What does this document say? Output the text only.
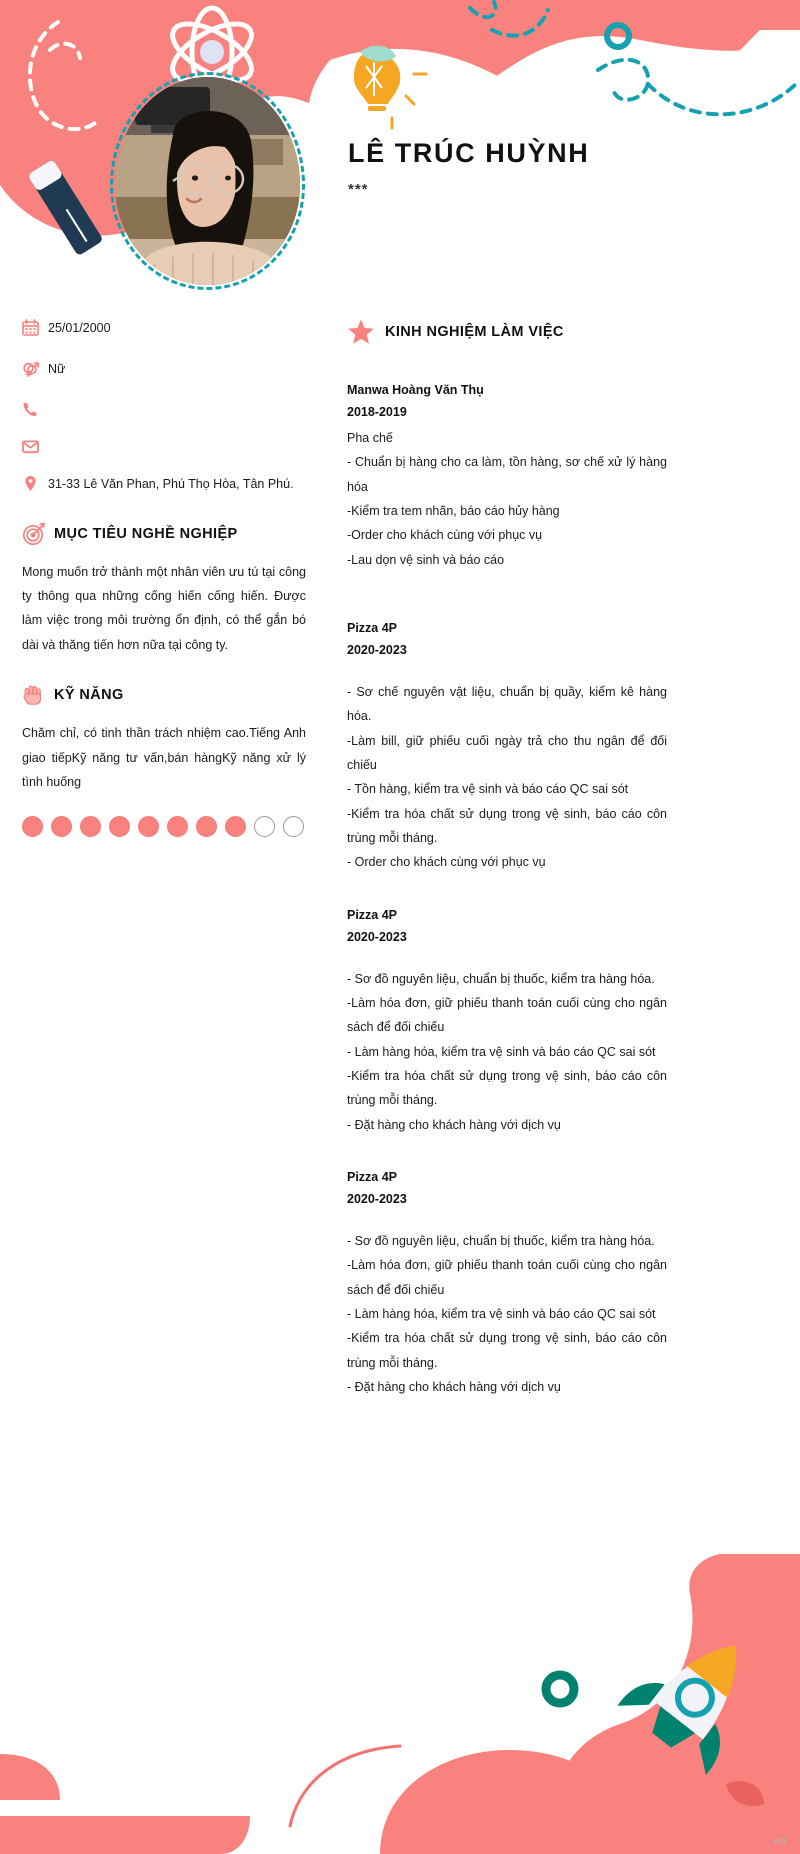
LÊ TRÚC HUỲNH
***
25/01/2000
Nữ
31-33 Lê Văn Phan, Phú Thọ Hòa, Tân Phú.
MỤC TIÊU NGHỀ NGHIỆP
Mong muốn trở thành một nhân viên ưu tú tại công ty thông qua những cống hiến cống hiến. Được làm việc trong môi trường ổn định, có thể gắn bó dài và thăng tiến hơn nữa tại công ty.
KỸ NĂNG
Chăm chỉ, có tinh thần trách nhiệm cao.Tiếng Anh giao tiếpKỹ năng tư vấn,bán hàngKỹ năng xử lý tình huống
KINH NGHIỆM LÀM VIỆC
Manwa Hoàng Văn Thụ
2018-2019
Pha chế
- Chuẩn bị hàng cho ca làm, tồn hàng, sơ chế xử lý hàng hóa
-Kiểm tra tem nhãn, báo cáo hủy hàng
-Order cho khách cùng với phục vụ
-Lau dọn vệ sinh và báo cáo
Pizza 4P
2020-2023
- Sơ chế nguyên vật liệu, chuẩn bị quầy, kiểm kê hàng hóa.
-Làm bill, giữ phiếu cuối ngày trả cho thu ngân để đối chiếu
- Tồn hàng, kiểm tra vệ sinh và báo cáo QC sai sót
-Kiểm tra hóa chất sử dụng trong vệ sinh, báo cáo côn trùng mỗi tháng.
- Order cho khách cùng với phục vụ
Pizza 4P
2020-2023
- Sơ đồ nguyên liệu, chuẩn bị thuốc, kiểm tra hàng hóa.
-Làm hóa đơn, giữ phiếu thanh toán cuối cùng cho ngân sách để đối chiếu
- Làm hàng hóa, kiểm tra vệ sinh và báo cáo QC sai sót
-Kiểm tra hóa chất sử dụng trong vệ sinh, báo cáo côn trùng mỗi tháng.
- Đặt hàng cho khách hàng với dịch vụ
Pizza 4P
2020-2023
- Sơ đồ nguyên liệu, chuẩn bị thuốc, kiểm tra hàng hóa.
-Làm hóa đơn, giữ phiếu thanh toán cuối cùng cho ngân sách để đối chiếu
- Làm hàng hóa, kiểm tra vệ sinh và báo cáo QC sai sót
-Kiểm tra hóa chất sử dụng trong vệ sinh, báo cáo côn trùng mỗi tháng.
- Đặt hàng cho khách hàng với dịch vụ
. VN
